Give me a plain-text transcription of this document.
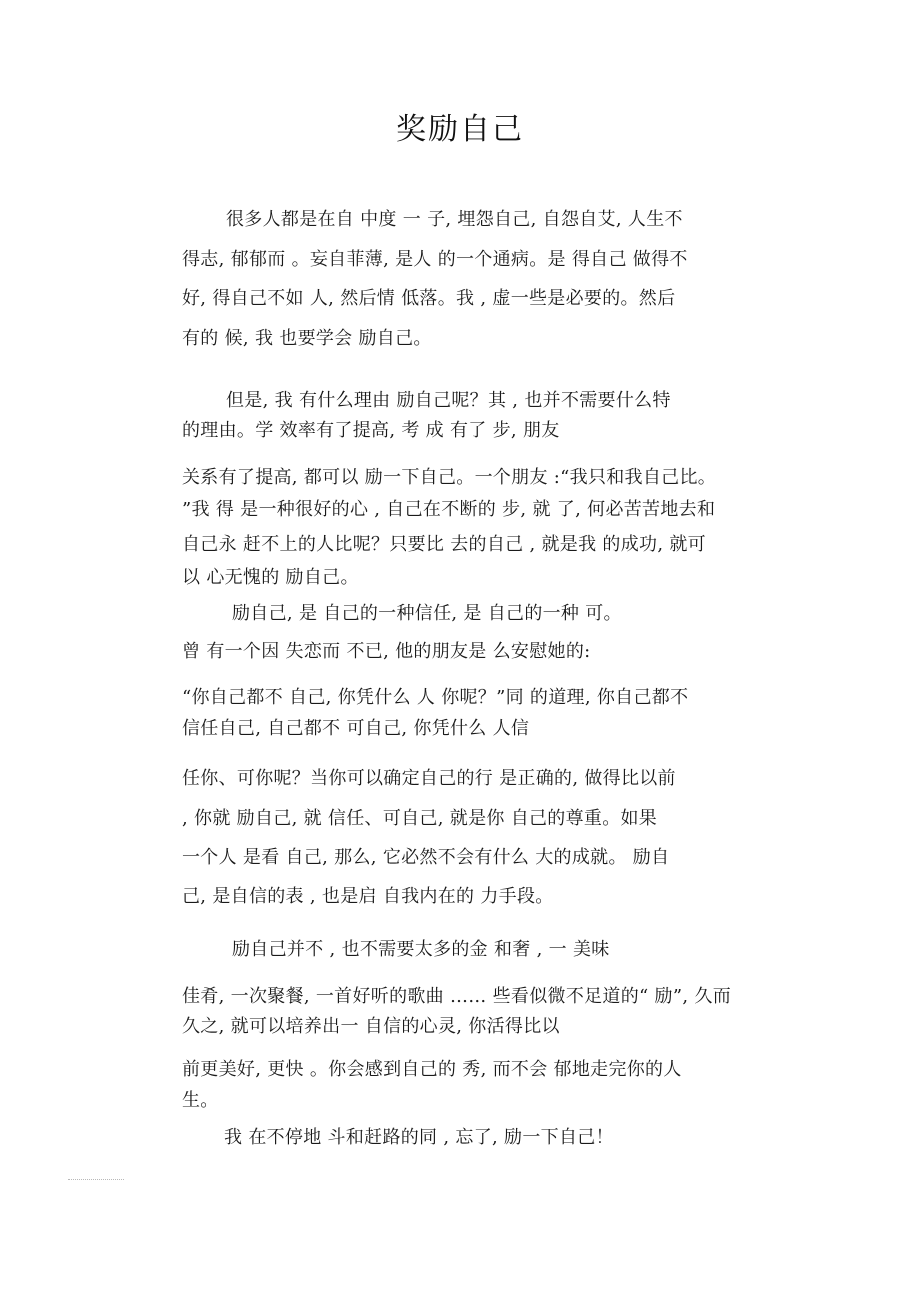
奖励自己
很多人都是在自 中度 一 子, 埋怨自己, 自怨自艾, 人生不
得志, 郁郁而 。妄自菲薄, 是人 的一个通病。是 得自己 做得不
好, 得自己不如 人, 然后情 低落。我 , 虚一些是必要的。然后
有的 候, 我 也要学会 励自己。
但是, 我 有什么理由 励自己呢？其 , 也并不需要什么特
的理由。学 效率有了提高, 考 成 有了 步, 朋友
关系有了提高, 都可以 励一下自己。一个朋友 :“我只和我自己比。
”我 得 是一种很好的心 , 自己在不断的 步, 就 了, 何必苦苦地去和
自己永 赶不上的人比呢？只要比 去的自己 , 就是我 的成功, 就可
以 心无愧的 励自己。
励自己, 是 自己的一种信任, 是 自己的一种 可。
曾 有一个因 失恋而 不已, 他的朋友是 么安慰她的:
“你自己都不 自己, 你凭什么 人 你呢？”同 的道理, 你自己都不
信任自己, 自己都不 可自己, 你凭什么 人信
任你、可你呢？当你可以确定自己的行 是正确的, 做得比以前
, 你就 励自己, 就 信任、可自己, 就是你 自己的尊重。如果
一个人 是看 自己, 那么, 它必然不会有什么 大的成就。 励自
己, 是自信的表 , 也是启 自我内在的 力手段。
励自己并不 , 也不需要太多的金 和奢 , 一 美味
佳肴, 一次聚餐, 一首好听的歌曲 …… 些看似微不足道的“ 励”, 久而
久之, 就可以培养出一 自信的心灵, 你活得比以
前更美好, 更快 。你会感到自己的 秀, 而不会 郁地走完你的人
生。
我 在不停地 斗和赶路的同 , 忘了, 励一下自己！
